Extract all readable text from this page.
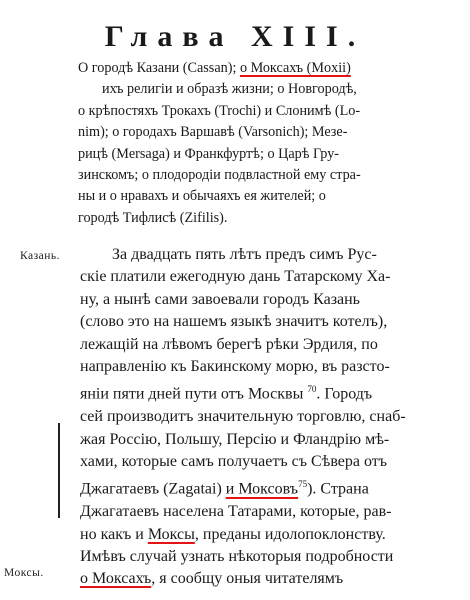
Глава XIII.
О городѣ Казани (Cassan); о Моксахъ (Moxii)
ихъ религіи и образѣ жизни; о Новгородѣ,
о крѣпостяхъ Трокахъ (Trochi) и Слонимѣ (Lo-
nim); о городахъ Варшавѣ (Varsonich); Мезе-
рицѣ (Mersaga) и Франкфуртѣ; о Царѣ Гру-
зинскомъ; о плодородіи подвластной ему стра-
ны и о нравахъ и обычаяхъ ея жителей; о
городѣ Тифлисѣ (Zifilis).
Казань.
Моксы.
За двадцать пять лѣтъ предъ симъ Рус-
скіе платили ежегодную дань Татарскому Ха-
ну, а нынѣ сами завоевали городъ Казань
(слово это на нашемъ языкѣ значитъ котелъ),
лежащій на лѣвомъ берегѣ рѣки Эрдиля, по
направленію къ Бакинскому морю, въ разсто-
яніи пяти дней пути отъ Москвы $^{70}$. Городъ
сей производитъ значительную торговлю, снаб-
жая Россію, Польшу, Персію и Фландрію мѣ-
хами, которые самъ получаетъ съ Сѣвера отъ
Джагатаевъ (Zagatai) и Моксовъ$^{75}$). Страна
Джагатаевъ населена Татарами, которые, рав-
но какъ и Моксы, преданы идолопоклонству.
Имѣвъ случай узнать нѣкоторыя подробности
о Моксахъ, я сообщу оныя читателямъ
